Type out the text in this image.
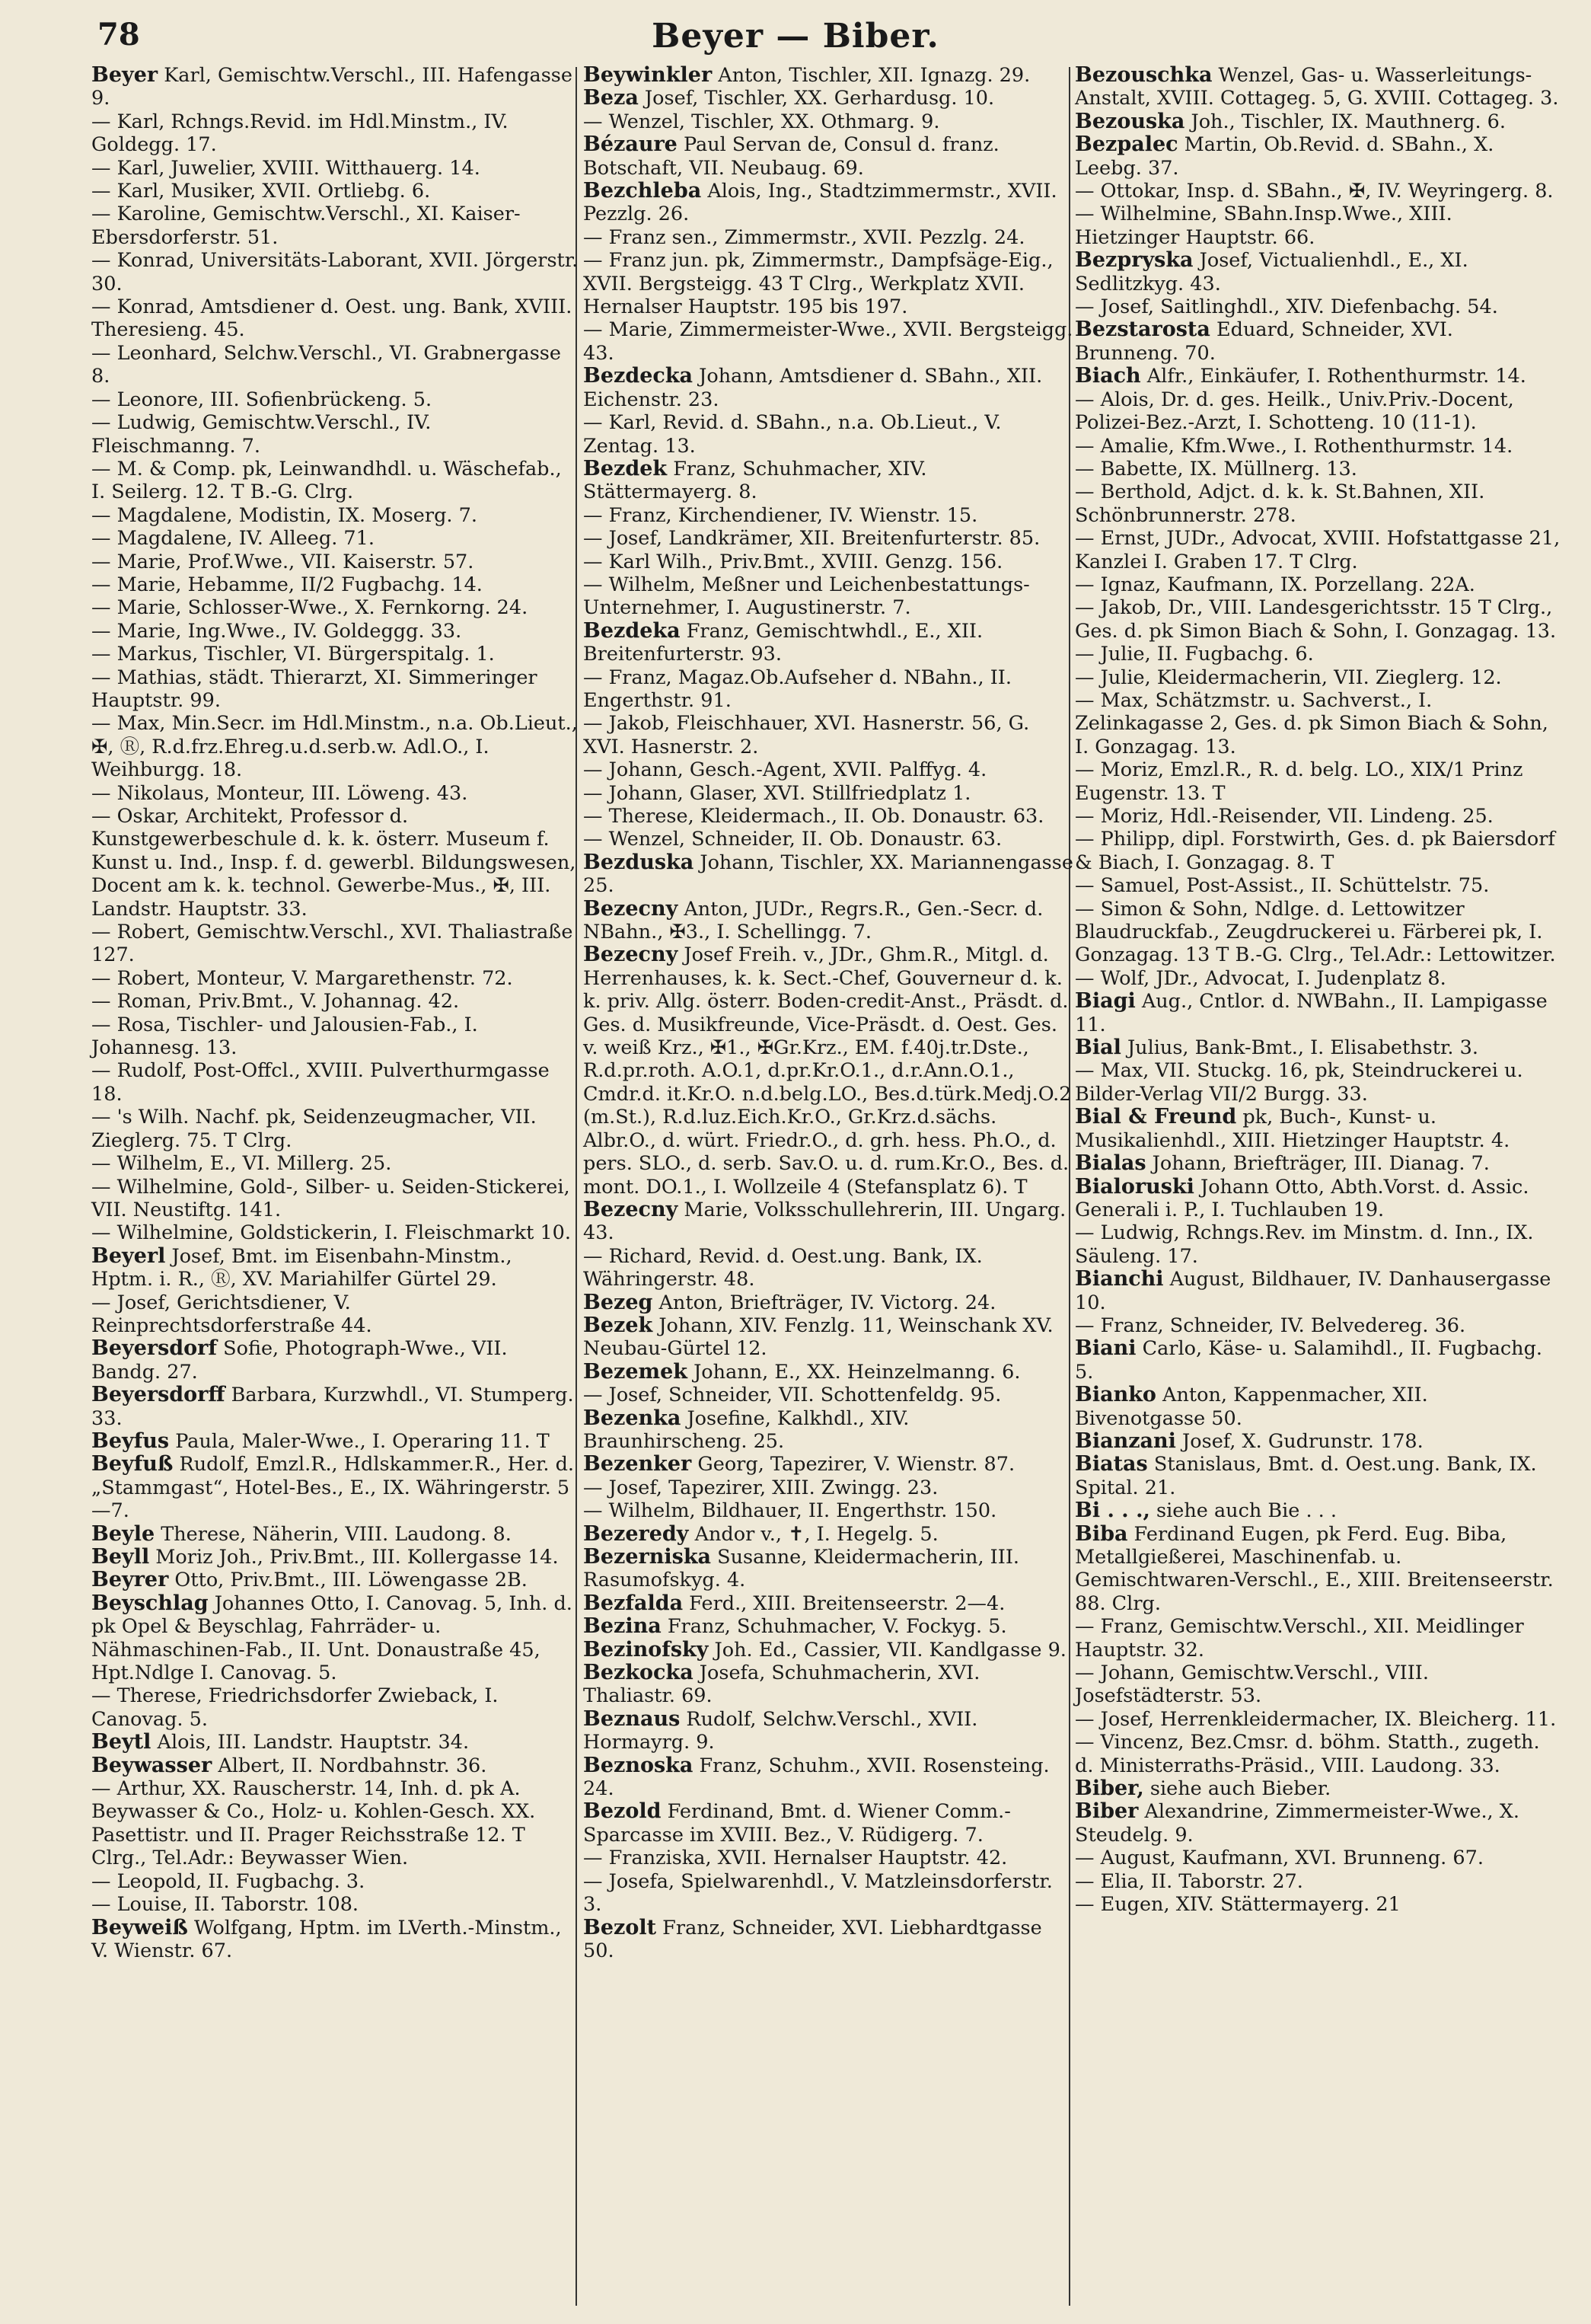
Beyer — Biber.
78

Beyer Karl, Gemischtw.Verschl., III. Hafengasse 9.

— Karl, Rchngs.Revid. im Hdl.Minstm., IV. Goldegg. 17.

— Karl, Juwelier, XVIII. Witthauerg. 14.

— Karl, Musiker, XVII. Ortliebg. 6.

— Karoline, Gemischtw.Verschl., XI. Kaiser-Ebersdorferstr. 51.

— Konrad, Universitäts-Laborant, XVII. Jörgerstr. 30.

— Konrad, Amtsdiener d. Oest. ung. Bank, XVIII. Theresieng. 45.

— Leonhard, Selchw.Verschl., VI. Grabnergasse 8.

— Leonore, III. Sofienbrückeng. 5.

— Ludwig, Gemischtw.Verschl., IV. Fleischmanng. 7.

— M. & Comp. pk, Leinwandhdl. u. Wäschefab., I. Seilerg. 12. T B.-G. Clrg.

— Magdalene, Modistin, IX. Moserg. 7.

— Magdalene, IV. Alleeg. 71.

— Marie, Prof.Wwe., VII. Kaiserstr. 57.

— Marie, Hebamme, II/2 Fugbachg. 14.

— Marie, Schlosser-Wwe., X. Fernkorng. 24.

— Marie, Ing.Wwe., IV. Goldeggg. 33.

— Markus, Tischler, VI. Bürgerspitalg. 1.

— Mathias, städt. Thierarzt, XI. Simmeringer Hauptstr. 99.

— Max, Min.Secr. im Hdl.Minstm., n.a. Ob.Lieut., ✠, Ⓡ, R.d.frz.Ehreg.u.d.serb.w. Adl.O., I. Weihburgg. 18.

— Nikolaus, Monteur, III. Löweng. 43.

— Oskar, Architekt, Professor d. Kunstgewerbeschule d. k. k. österr. Museum f. Kunst u. Ind., Insp. f. d. gewerbl. Bildungswesen, Docent am k. k. technol. Gewerbe-Mus., ✠, III. Landstr. Hauptstr. 33.

— Robert, Gemischtw.Verschl., XVI. Thaliastraße 127.

— Robert, Monteur, V. Margarethenstr. 72.

— Roman, Priv.Bmt., V. Johannag. 42.

— Rosa, Tischler- und Jalousien-Fab., I. Johannesg. 13.

— Rudolf, Post-Offcl., XVIII. Pulverthurmgasse 18.

— 's Wilh. Nachf. pk, Seidenzeugmacher, VII. Zieglerg. 75. T Clrg.

— Wilhelm, E., VI. Millerg. 25.

— Wilhelmine, Gold-, Silber- u. Seiden-Stickerei, VII. Neustiftg. 141.

— Wilhelmine, Goldstickerin, I. Fleischmarkt 10.

Beyerl Josef, Bmt. im Eisenbahn-Minstm., Hptm. i. R., Ⓡ, XV. Mariahilfer Gürtel 29.

— Josef, Gerichtsdiener, V. Reinprechtsdorferstraße 44.

Beyersdorf Sofie, Photograph-Wwe., VII. Bandg. 27.

Beyersdorff Barbara, Kurzwhdl., VI. Stumperg. 33.

Beyfus Paula, Maler-Wwe., I. Operaring 11. T

Beyfuß Rudolf, Emzl.R., Hdlskammer.R., Her. d. „Stammgast“, Hotel-Bes., E., IX. Währingerstr. 5—7.

Beyle Therese, Näherin, VIII. Laudong. 8.

Beyll Moriz Joh., Priv.Bmt., III. Kollergasse 14.

Beyrer Otto, Priv.Bmt., III. Löwengasse 2B.

Beyschlag Johannes Otto, I. Canovag. 5, Inh. d. pk Opel & Beyschlag, Fahrräder- u. Nähmaschinen-Fab., II. Unt. Donaustraße 45, Hpt.Ndlge I. Canovag. 5.

— Therese, Friedrichsdorfer Zwieback, I. Canovag. 5.

Beytl Alois, III. Landstr. Hauptstr. 34.

Beywasser Albert, II. Nordbahnstr. 36.

— Arthur, XX. Rauscherstr. 14, Inh. d. pk A. Beywasser & Co., Holz- u. Kohlen-Gesch. XX. Pasettistr. und II. Prager Reichsstraße 12. T Clrg., Tel.Adr.: Beywasser Wien.

— Leopold, II. Fugbachg. 3.

— Louise, II. Taborstr. 108.

Beyweiß Wolfgang, Hptm. im LVerth.-Minstm., V. Wienstr. 67.

Beywinkler Anton, Tischler, XII. Ignazg. 29.

Beza Josef, Tischler, XX. Gerhardusg. 10.

— Wenzel, Tischler, XX. Othmarg. 9.

Bézaure Paul Servan de, Consul d. franz. Botschaft, VII. Neubaug. 69.

Bezchleba Alois, Ing., Stadtzimmermstr., XVII. Pezzlg. 26.

— Franz sen., Zimmermstr., XVII. Pezzlg. 24.

— Franz jun. pk, Zimmermstr., Dampfsäge-Eig., XVII. Bergsteigg. 43 T Clrg., Werkplatz XVII. Hernalser Hauptstr. 195 bis 197.

— Marie, Zimmermeister-Wwe., XVII. Bergsteigg. 43.

Bezdecka Johann, Amtsdiener d. SBahn., XII. Eichenstr. 23.

— Karl, Revid. d. SBahn., n.a. Ob.Lieut., V. Zentag. 13.

Bezdek Franz, Schuhmacher, XIV. Stättermayerg. 8.

— Franz, Kirchendiener, IV. Wienstr. 15.

— Josef, Landkrämer, XII. Breitenfurterstr. 85.

— Karl Wilh., Priv.Bmt., XVIII. Genzg. 156.

— Wilhelm, Meßner und Leichenbestattungs-Unternehmer, I. Augustinerstr. 7.

Bezdeka Franz, Gemischtwhdl., E., XII. Breitenfurterstr. 93.

— Franz, Magaz.Ob.Aufseher d. NBahn., II. Engerthstr. 91.

— Jakob, Fleischhauer, XVI. Hasnerstr. 56, G. XVI. Hasnerstr. 2.

— Johann, Gesch.-Agent, XVII. Palffyg. 4.

— Johann, Glaser, XVI. Stillfriedplatz 1.

— Therese, Kleidermach., II. Ob. Donaustr. 63.

— Wenzel, Schneider, II. Ob. Donaustr. 63.

Bezduska Johann, Tischler, XX. Mariannengasse 25.

Bezecny Anton, JUDr., Regrs.R., Gen.-Secr. d. NBahn., ✠3., I. Schellingg. 7.

Bezecny Josef Freih. v., JDr., Ghm.R., Mitgl. d. Herrenhauses, k. k. Sect.-Chef, Gouverneur d. k. k. priv. Allg. österr. Boden-credit-Anst., Präsdt. d. Ges. d. Musikfreunde, Vice-Präsdt. d. Oest. Ges. v. weiß Krz., ✠1., ✠Gr.Krz., EM. f.40j.tr.Dste., R.d.pr.roth. A.O.1, d.pr.Kr.O.1., d.r.Ann.O.1., Cmdr.d. it.Kr.O. n.d.belg.LO., Bes.d.türk.Medj.O.2 (m.St.), R.d.luz.Eich.Kr.O., Gr.Krz.d.sächs. Albr.O., d. würt. Friedr.O., d. grh. hess. Ph.O., d. pers. SLO., d. serb. Sav.O. u. d. rum.Kr.O., Bes. d. mont. DO.1., I. Wollzeile 4 (Stefansplatz 6). T

Bezecny Marie, Volksschullehrerin, III. Ungarg. 43.

— Richard, Revid. d. Oest.ung. Bank, IX. Währingerstr. 48.

Bezeg Anton, Briefträger, IV. Victorg. 24.

Bezek Johann, XIV. Fenzlg. 11, Weinschank XV. Neubau-Gürtel 12.

Bezemek Johann, E., XX. Heinzelmanng. 6.

— Josef, Schneider, VII. Schottenfeldg. 95.

Bezenka Josefine, Kalkhdl., XIV. Braunhirscheng. 25.

Bezenker Georg, Tapezirer, V. Wienstr. 87.

— Josef, Tapezirer, XIII. Zwingg. 23.

— Wilhelm, Bildhauer, II. Engerthstr. 150.

Bezeredy Andor v., ✝, I. Hegelg. 5.

Bezerniska Susanne, Kleidermacherin, III. Rasumofskyg. 4.

Bezfalda Ferd., XIII. Breitenseerstr. 2—4.

Bezina Franz, Schuhmacher, V. Fockyg. 5.

Bezinofsky Joh. Ed., Cassier, VII. Kandlgasse 9.

Bezkocka Josefa, Schuhmacherin, XVI. Thaliastr. 69.

Beznaus Rudolf, Selchw.Verschl., XVII. Hormayrg. 9.

Beznoska Franz, Schuhm., XVII. Rosensteing. 24.

Bezold Ferdinand, Bmt. d. Wiener Comm.-Sparcasse im XVIII. Bez., V. Rüdigerg. 7.

— Franziska, XVII. Hernalser Hauptstr. 42.

— Josefa, Spielwarenhdl., V. Matzleinsdorferstr. 3.

Bezolt Franz, Schneider, XVI. Liebhardtgasse 50.

Bezouschka Wenzel, Gas- u. Wasserleitungs-Anstalt, XVIII. Cottageg. 5, G. XVIII. Cottageg. 3.

Bezouska Joh., Tischler, IX. Mauthnerg. 6.

Bezpalec Martin, Ob.Revid. d. SBahn., X. Leebg. 37.

— Ottokar, Insp. d. SBahn., ✠, IV. Weyringerg. 8.

— Wilhelmine, SBahn.Insp.Wwe., XIII. Hietzinger Hauptstr. 66.

Bezpryska Josef, Victualienhdl., E., XI. Sedlitzkyg. 43.

— Josef, Saitlinghdl., XIV. Diefenbachg. 54.

Bezstarosta Eduard, Schneider, XVI. Brunneng. 70.

Biach Alfr., Einkäufer, I. Rothenthurmstr. 14.

— Alois, Dr. d. ges. Heilk., Univ.Priv.-Docent, Polizei-Bez.-Arzt, I. Schotteng. 10 (11-1).

— Amalie, Kfm.Wwe., I. Rothenthurmstr. 14.

— Babette, IX. Müllnerg. 13.

— Berthold, Adjct. d. k. k. St.Bahnen, XII. Schönbrunnerstr. 278.

— Ernst, JUDr., Advocat, XVIII. Hofstattgasse 21, Kanzlei I. Graben 17. T Clrg.

— Ignaz, Kaufmann, IX. Porzellang. 22A.

— Jakob, Dr., VIII. Landesgerichtsstr. 15 T Clrg., Ges. d. pk Simon Biach & Sohn, I. Gonzagag. 13.

— Julie, II. Fugbachg. 6.

— Julie, Kleidermacherin, VII. Zieglerg. 12.

— Max, Schätzmstr. u. Sachverst., I. Zelinkagasse 2, Ges. d. pk Simon Biach & Sohn, I. Gonzagag. 13.

— Moriz, Emzl.R., R. d. belg. LO., XIX/1 Prinz Eugenstr. 13. T

— Moriz, Hdl.-Reisender, VII. Lindeng. 25.

— Philipp, dipl. Forstwirth, Ges. d. pk Baiersdorf & Biach, I. Gonzagag. 8. T

— Samuel, Post-Assist., II. Schüttelstr. 75.

— Simon & Sohn, Ndlge. d. Lettowitzer Blaudruckfab., Zeugdruckerei u. Färberei pk, I. Gonzagag. 13 T B.-G. Clrg., Tel.Adr.: Lettowitzer.

— Wolf, JDr., Advocat, I. Judenplatz 8.

Biagi Aug., Cntlor. d. NWBahn., II. Lampigasse 11.

Bial Julius, Bank-Bmt., I. Elisabethstr. 3.

— Max, VII. Stuckg. 16, pk, Steindruckerei u. Bilder-Verlag VII/2 Burgg. 33.

Bial & Freund pk, Buch-, Kunst- u. Musikalienhdl., XIII. Hietzinger Hauptstr. 4.

Bialas Johann, Briefträger, III. Dianag. 7.

Bialoruski Johann Otto, Abth.Vorst. d. Assic. Generali i. P., I. Tuchlauben 19.

— Ludwig, Rchngs.Rev. im Minstm. d. Inn., IX. Säuleng. 17.

Bianchi August, Bildhauer, IV. Danhausergasse 10.

— Franz, Schneider, IV. Belvedereg. 36.

Biani Carlo, Käse- u. Salamihdl., II. Fugbachg. 5.

Bianko Anton, Kappenmacher, XII. Bivenotgasse 50.

Bianzani Josef, X. Gudrunstr. 178.

Biatas Stanislaus, Bmt. d. Oest.ung. Bank, IX. Spital. 21.

Bi . . ., siehe auch Bie . . .

Biba Ferdinand Eugen, pk Ferd. Eug. Biba, Metallgießerei, Maschinenfab. u. Gemischtwaren-Verschl., E., XIII. Breitenseerstr. 88. Clrg.

— Franz, Gemischtw.Verschl., XII. Meidlinger Hauptstr. 32.

— Johann, Gemischtw.Verschl., VIII. Josefstädterstr. 53.

— Josef, Herrenkleidermacher, IX. Bleicherg. 11.

— Vincenz, Bez.Cmsr. d. böhm. Statth., zugeth. d. Ministerraths-Präsid., VIII. Laudong. 33.

Biber, siehe auch Bieber.

Biber Alexandrine, Zimmermeister-Wwe., X. Steudelg. 9.

— August, Kaufmann, XVI. Brunneng. 67.

— Elia, II. Taborstr. 27.

— Eugen, XIV. Stättermayerg. 21
